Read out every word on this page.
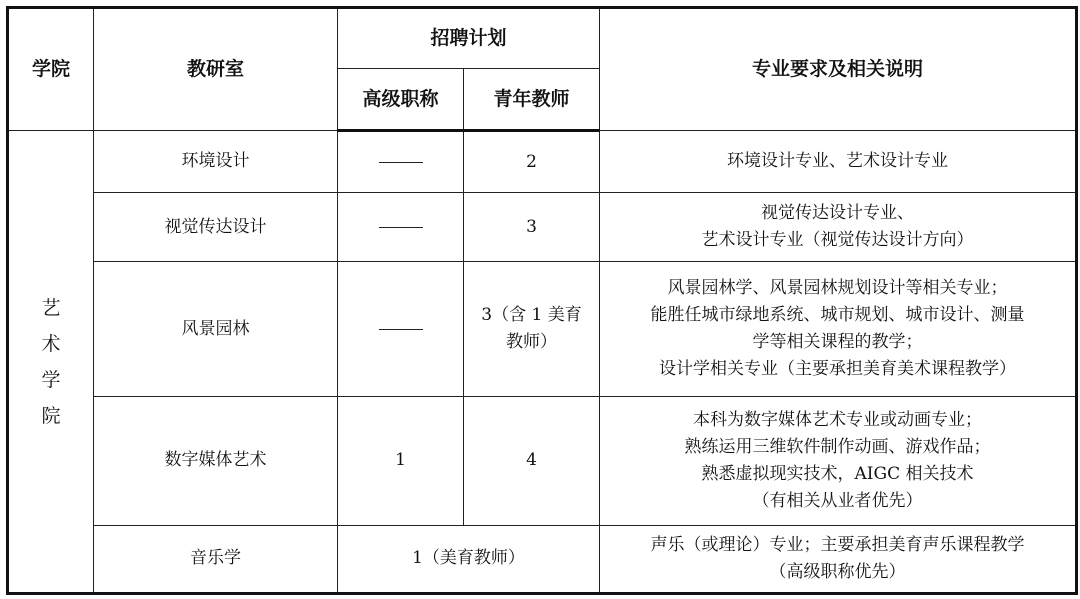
学院	教研室	招聘计划		专业要求及相关说明
		高级职称	青年教师	

艺
术
学
院	环境设计		2	环境设计专业、艺术设计专业

	视觉传达设计		3	视觉传达设计专业、
艺术设计专业（视觉传达设计方向）

	风景园林		3（含 1 美育
教师）	风景园林学、风景园林规划设计等相关专业；
能胜任城市绿地系统、城市规划、城市设计、测量
学等相关课程的教学；
设计学相关专业（主要承担美育美术课程教学）

	数字媒体艺术	1	4	本科为数字媒体艺术专业或动画专业；
熟练运用三维软件制作动画、游戏作品；
熟悉虚拟现实技术，AIGC 相关技术
（有相关从业者优先）

	音乐学	1（美育教师）		声乐（或理论）专业；主要承担美育声乐课程教学
（高级职称优先）
